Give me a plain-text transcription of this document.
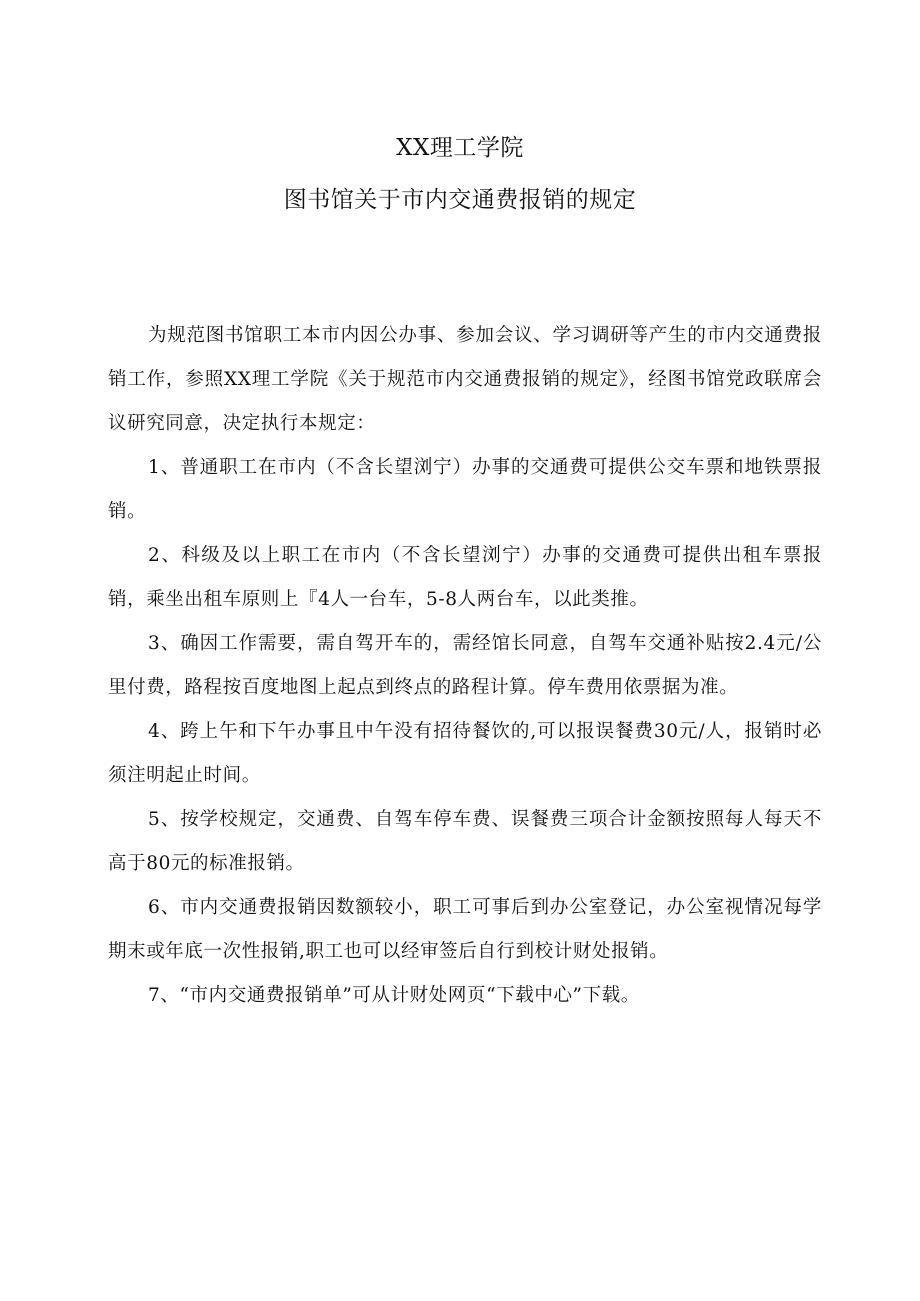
XX理工学院
图书馆关于市内交通费报销的规定

为规范图书馆职工本市内因公办事、参加会议、学习调研等产生的市内交通费报销工作，参照XX理工学院《关于规范市内交通费报销的规定》，经图书馆党政联席会议研究同意，决定执行本规定：

1、普通职工在市内（不含长望浏宁）办事的交通费可提供公交车票和地铁票报销。

2、科级及以上职工在市内（不含长望浏宁）办事的交通费可提供出租车票报销，乘坐出租车原则上『4人一台车，5-8人两台车，以此类推。

3、确因工作需要，需自驾开车的，需经馆长同意，自驾车交通补贴按2.4元/公里付费，路程按百度地图上起点到终点的路程计算。停车费用依票据为准。

4、跨上午和下午办事且中午没有招待餐饮的,可以报误餐费30元/人，报销时必须注明起止时间。

5、按学校规定，交通费、自驾车停车费、误餐费三项合计金额按照每人每天不高于80元的标准报销。

6、市内交通费报销因数额较小，职工可事后到办公室登记，办公室视情况每学期末或年底一次性报销,职工也可以经审签后自行到校计财处报销。

7、“市内交通费报销单”可从计财处网页“下载中心”下载。
